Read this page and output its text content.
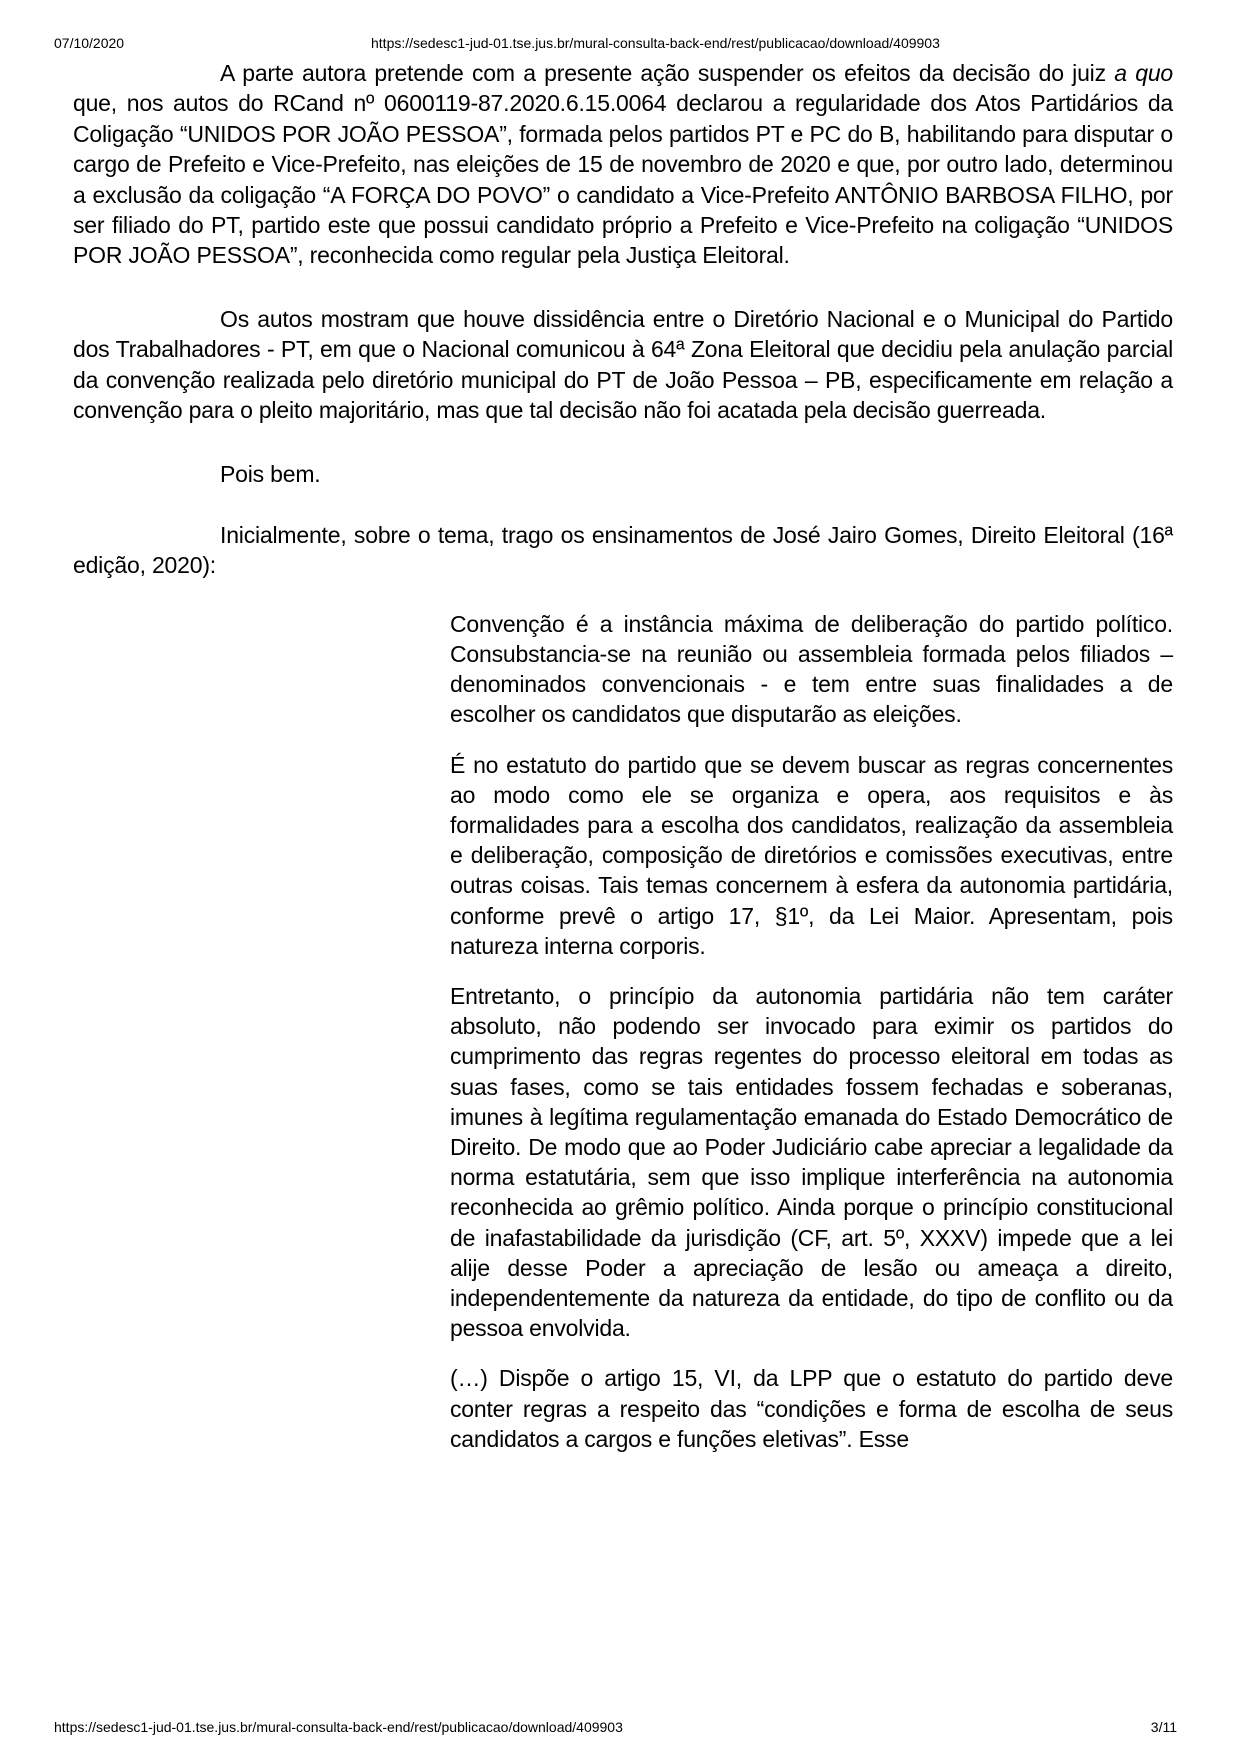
07/10/2020	https://sedesc1-jud-01.tse.jus.br/mural-consulta-back-end/rest/publicacao/download/409903

A parte autora pretende com a presente ação suspender os efeitos da decisão do juiz a quo que, nos autos do RCand nº 0600119-87.2020.6.15.0064 declarou a regularidade dos Atos Partidários da Coligação “UNIDOS POR JOÃO PESSOA”, formada pelos partidos PT e PC do B, habilitando para disputar o cargo de Prefeito e Vice-Prefeito, nas eleições de 15 de novembro de 2020 e que, por outro lado, determinou a exclusão da coligação “A FORÇA DO POVO” o candidato a Vice-Prefeito ANTÔNIO BARBOSA FILHO, por ser filiado do PT, partido este que possui candidato próprio a Prefeito e Vice-Prefeito na coligação “UNIDOS POR JOÃO PESSOA”, reconhecida como regular pela Justiça Eleitoral.

Os autos mostram que houve dissidência entre o Diretório Nacional e o Municipal do Partido dos Trabalhadores - PT, em que o Nacional comunicou à 64ª Zona Eleitoral que decidiu pela anulação parcial da convenção realizada pelo diretório municipal do PT de João Pessoa – PB, especificamente em relação a convenção para o pleito majoritário, mas que tal decisão não foi acatada pela decisão guerreada.

Pois bem.

Inicialmente, sobre o tema, trago os ensinamentos de José Jairo Gomes, Direito Eleitoral (16ª edição, 2020):

Convenção é a instância máxima de deliberação do partido político. Consubstancia-se na reunião ou assembleia formada pelos filiados – denominados convencionais - e tem entre suas finalidades a de escolher os candidatos que disputarão as eleições.

É no estatuto do partido que se devem buscar as regras concernentes ao modo como ele se organiza e opera, aos requisitos e às formalidades para a escolha dos candidatos, realização da assembleia e deliberação, composição de diretórios e comissões executivas, entre outras coisas. Tais temas concernem à esfera da autonomia partidária, conforme prevê o artigo 17, §1º, da Lei Maior. Apresentam, pois natureza interna corporis.

Entretanto, o princípio da autonomia partidária não tem caráter absoluto, não podendo ser invocado para eximir os partidos do cumprimento das regras regentes do processo eleitoral em todas as suas fases, como se tais entidades fossem fechadas e soberanas, imunes à legítima regulamentação emanada do Estado Democrático de Direito. De modo que ao Poder Judiciário cabe apreciar a legalidade da norma estatutária, sem que isso implique interferência na autonomia reconhecida ao grêmio político. Ainda porque o princípio constitucional de inafastabilidade da jurisdição (CF, art. 5º, XXXV) impede que a lei alije desse Poder a apreciação de lesão ou ameaça a direito, independentemente da natureza da entidade, do tipo de conflito ou da pessoa envolvida.

(…) Dispõe o artigo 15, VI, da LPP que o estatuto do partido deve conter regras a respeito das “condições e forma de escolha de seus candidatos a cargos e funções eletivas”. Esse

https://sedesc1-jud-01.tse.jus.br/mural-consulta-back-end/rest/publicacao/download/409903	3/11
